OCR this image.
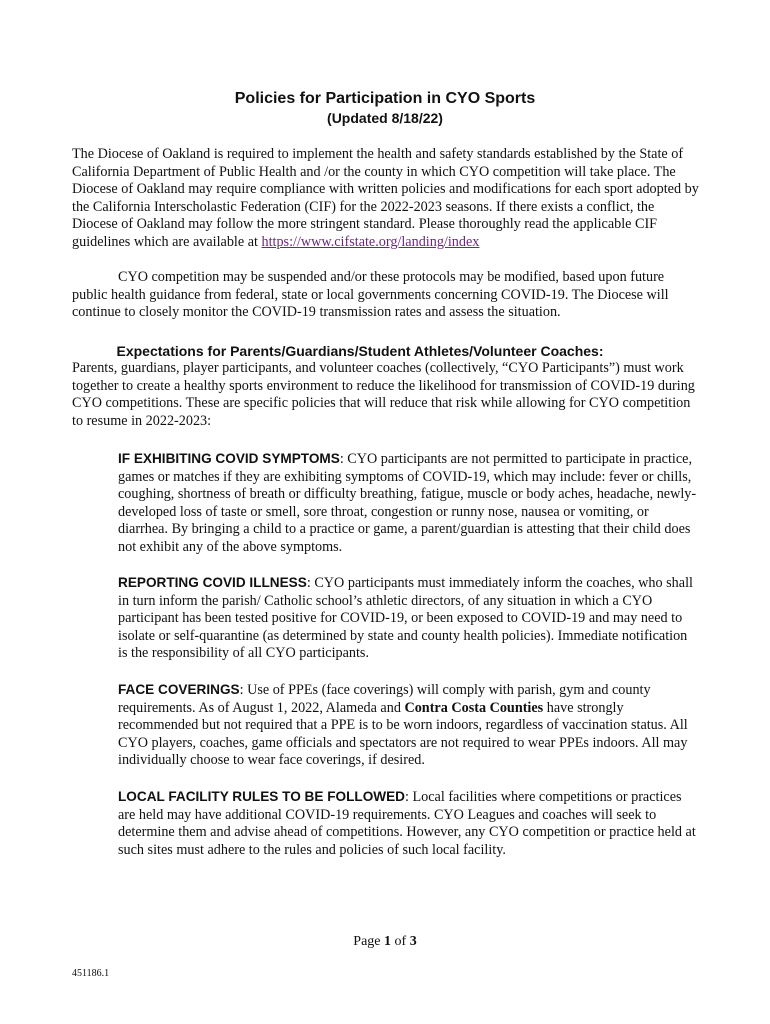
Policies for Participation in CYO Sports
(Updated 8/18/22)
The Diocese of Oakland is required to implement the health and safety standards established by the State of California Department of Public Health and /or the county in which CYO competition will take place. The Diocese of Oakland may require compliance with written policies and modifications for each sport adopted by the California Interscholastic Federation (CIF) for the 2022-2023 seasons. If there exists a conflict, the Diocese of Oakland may follow the more stringent standard. Please thoroughly read the applicable CIF guidelines which are available at https://www.cifstate.org/landing/index
CYO competition may be suspended and/or these protocols may be modified, based upon future public health guidance from federal, state or local governments concerning COVID-19. The Diocese will continue to closely monitor the COVID-19 transmission rates and assess the situation.
Expectations for Parents/Guardians/Student Athletes/Volunteer Coaches:
Parents, guardians, player participants, and volunteer coaches (collectively, “CYO Participants”) must work together to create a healthy sports environment to reduce the likelihood for transmission of COVID-19 during CYO competitions. These are specific policies that will reduce that risk while allowing for CYO competition to resume in 2022-2023:
IF EXHIBITING COVID SYMPTOMS: CYO participants are not permitted to participate in practice, games or matches if they are exhibiting symptoms of COVID-19, which may include: fever or chills, coughing, shortness of breath or difficulty breathing, fatigue, muscle or body aches, headache, newly-developed loss of taste or smell, sore throat, congestion or runny nose, nausea or vomiting, or diarrhea. By bringing a child to a practice or game, a parent/guardian is attesting that their child does not exhibit any of the above symptoms.
REPORTING COVID ILLNESS: CYO participants must immediately inform the coaches, who shall in turn inform the parish/ Catholic school’s athletic directors, of any situation in which a CYO participant has been tested positive for COVID-19, or been exposed to COVID-19 and may need to isolate or self-quarantine (as determined by state and county health policies). Immediate notification is the responsibility of all CYO participants.
FACE COVERINGS: Use of PPEs (face coverings) will comply with parish, gym and county requirements. As of August 1, 2022, Alameda and Contra Costa Counties have strongly recommended but not required that a PPE is to be worn indoors, regardless of vaccination status. All CYO players, coaches, game officials and spectators are not required to wear PPEs indoors. All may individually choose to wear face coverings, if desired.
LOCAL FACILITY RULES TO BE FOLLOWED: Local facilities where competitions or practices are held may have additional COVID-19 requirements. CYO Leagues and coaches will seek to determine them and advise ahead of competitions. However, any CYO competition or practice held at such sites must adhere to the rules and policies of such local facility.
Page 1 of 3
451186.1
